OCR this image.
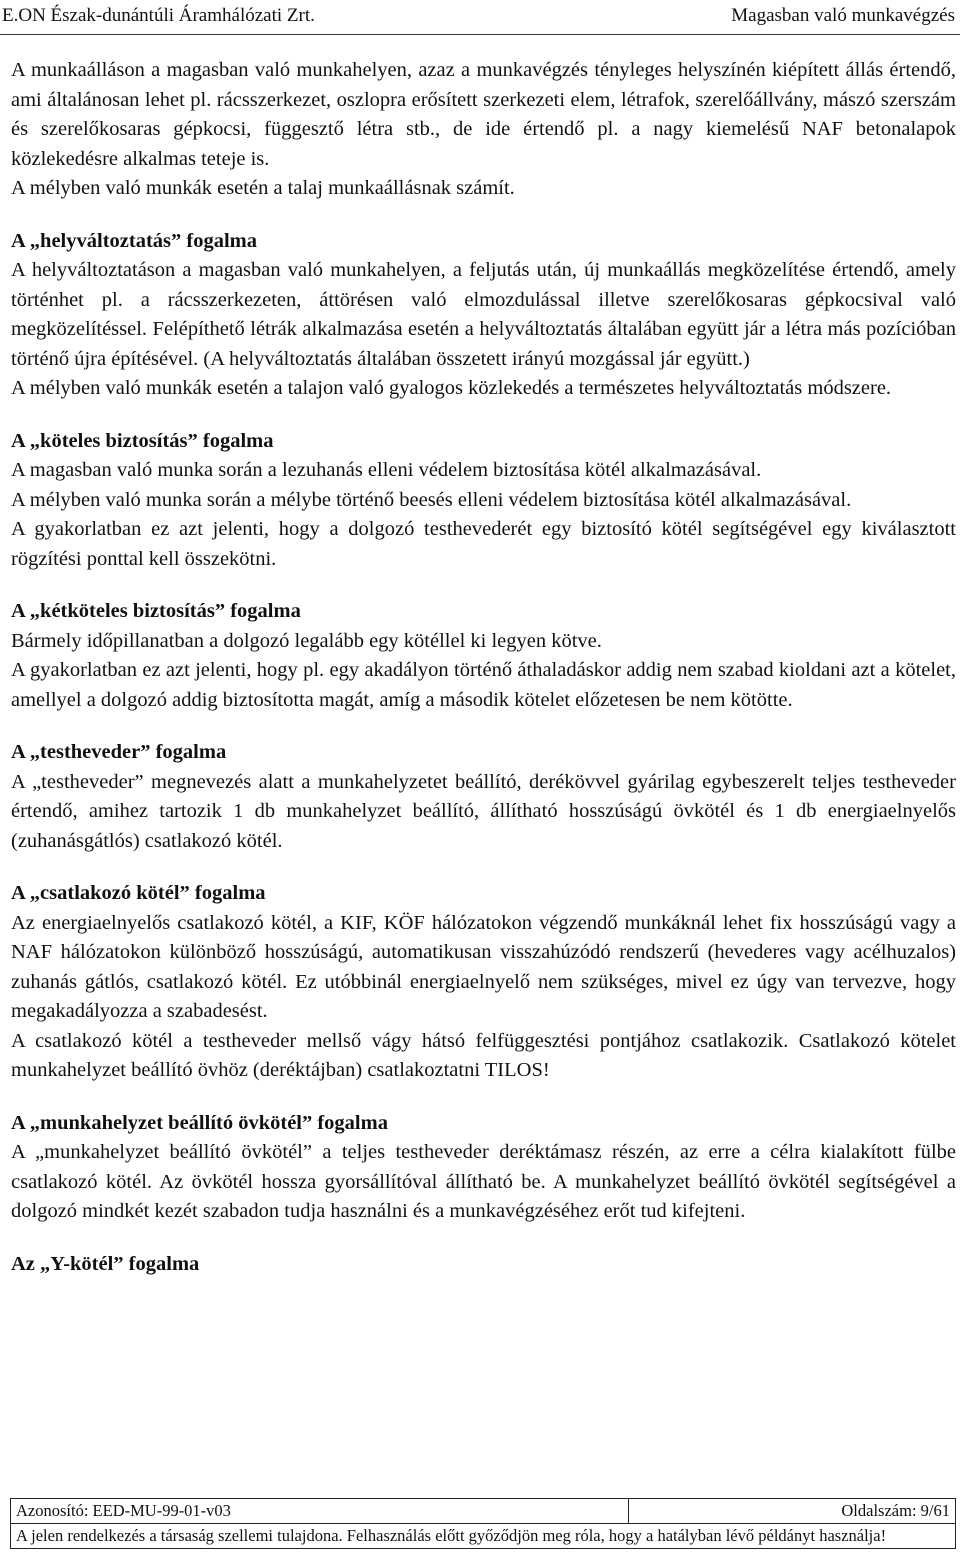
E.ON Észak-dunántúli Áramhálózati Zrt.	Magasban való munkavégzés

A munkaálláson a magasban való munkahelyen, azaz a munkavégzés tényleges helyszínén kiépített állás értendő, ami általánosan lehet pl. rácsszerkezet, oszlopra erősített szerkezeti elem, létrafok, szerelőállvány, mászó szerszám és szerelőkosaras gépkocsi, függesztő létra stb., de ide értendő pl. a nagy kiemelésű NAF betonalapok közlekedésre alkalmas teteje is.

A mélyben való munkák esetén a talaj munkaállásnak számít.

A „helyváltoztatás” fogalma

A helyváltoztatáson a magasban való munkahelyen, a feljutás után, új munkaállás megközelítése értendő, amely történhet pl. a rácsszerkezeten, áttörésen való elmozdulással illetve szerelőkosaras gépkocsival való megközelítéssel. Felépíthető létrák alkalmazása esetén a helyváltoztatás általában együtt jár a létra más pozícióban történő újra építésével. (A helyváltoztatás általában összetett irányú mozgással jár együtt.)

A mélyben való munkák esetén a talajon való gyalogos közlekedés a természetes helyváltoztatás módszere.

A „köteles biztosítás” fogalma

A magasban való munka során a lezuhanás elleni védelem biztosítása kötél alkalmazásával.

A mélyben való munka során a mélybe történő beesés elleni védelem biztosítása kötél alkalmazásával.

A gyakorlatban ez azt jelenti, hogy a dolgozó testhevederét egy biztosító kötél segítségével egy kiválasztott rögzítési ponttal kell összekötni.

A „kétköteles biztosítás” fogalma

Bármely időpillanatban a dolgozó legalább egy kötéllel ki legyen kötve.

A gyakorlatban ez azt jelenti, hogy pl. egy akadályon történő áthaladáskor addig nem szabad kioldani azt a kötelet, amellyel a dolgozó addig biztosította magát, amíg a második kötelet előzetesen be nem kötötte.

A „testheveder” fogalma

A „testheveder” megnevezés alatt a munkahelyzetet beállító, derékövvel gyárilag egybeszerelt teljes testheveder értendő, amihez tartozik 1 db munkahelyzet beállító, állítható hosszúságú övkötél és 1 db energiaelnyelős (zuhanásgátlós) csatlakozó kötél.

A „csatlakozó kötél” fogalma

Az energiaelnyelős csatlakozó kötél, a KIF, KÖF hálózatokon végzendő munkáknál lehet fix hosszúságú vagy a NAF hálózatokon különböző hosszúságú, automatikusan visszahúzódó rendszerű (hevederes vagy acélhuzalos) zuhanás gátlós, csatlakozó kötél. Ez utóbbinál energiaelnyelő nem szükséges, mivel ez úgy van tervezve, hogy megakadályozza a szabadesést.

A csatlakozó kötél a testheveder mellső vágy hátsó felfüggesztési pontjához csatlakozik. Csatlakozó kötelet munkahelyzet beállító övhöz (deréktájban) csatlakoztatni TILOS!

A „munkahelyzet beállító övkötél” fogalma

A „munkahelyzet beállító övkötél” a teljes testheveder deréktámasz részén, az erre a célra kialakított fülbe csatlakozó kötél. Az övkötél hossza gyorsállítóval állítható be. A munkahelyzet beállító övkötél segítségével a dolgozó mindkét kezét szabadon tudja használni és a munkavégzéséhez erőt tud kifejteni.

Az „Y-kötél” fogalma
Azonosító: EED-MU-99-01-v03	Oldalszám: 9/61
A jelen rendelkezés a társaság szellemi tulajdona. Felhasználás előtt győződjön meg róla, hogy a hatályban lévő példányt használja!
